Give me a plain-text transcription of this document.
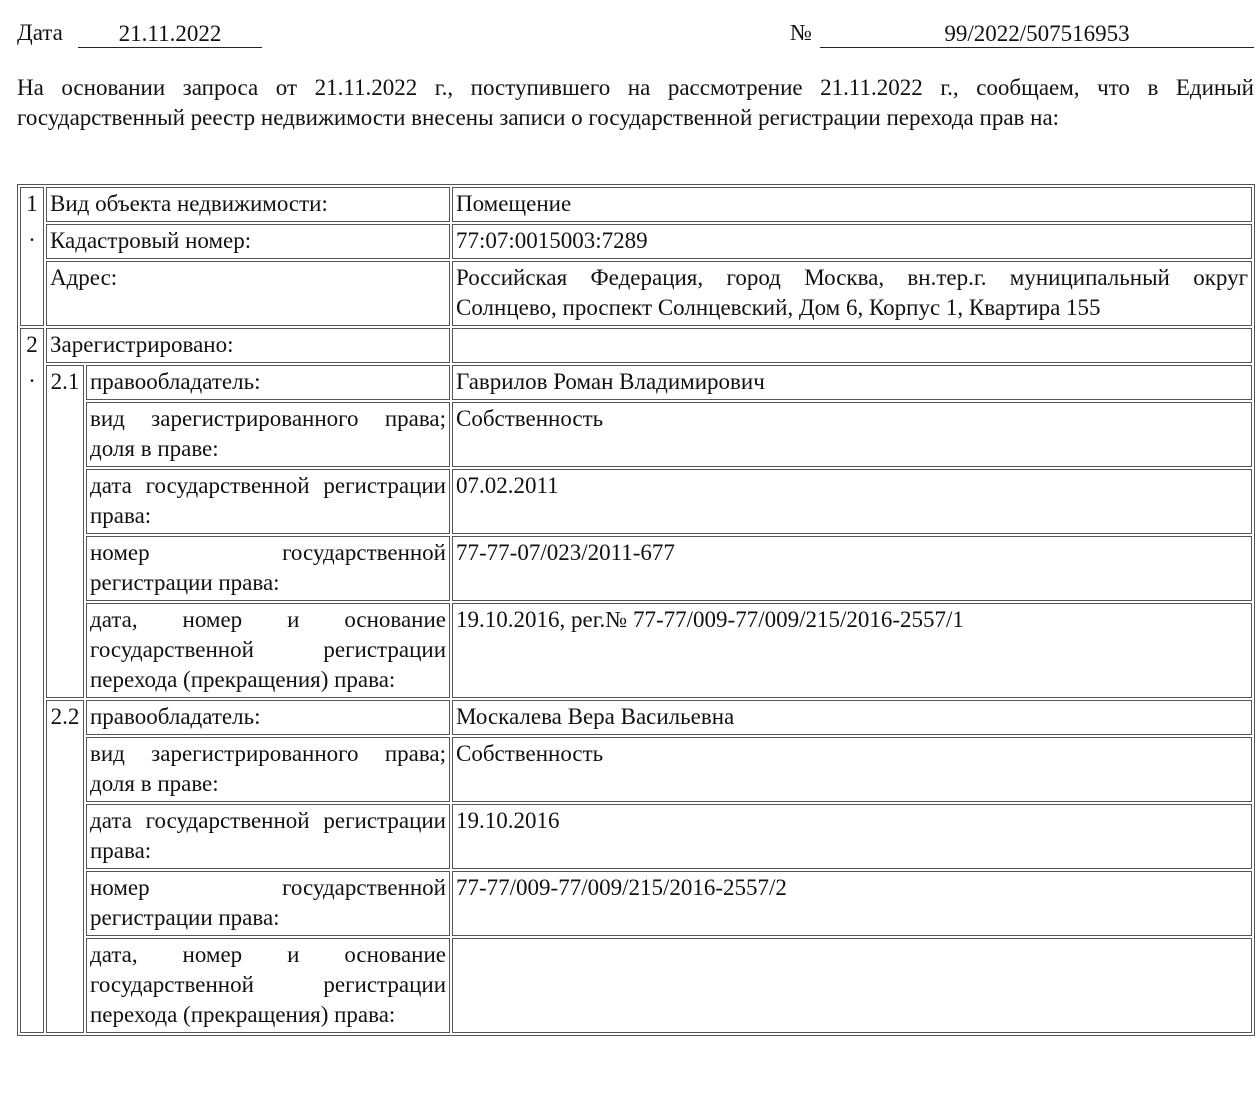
Дата	21.11.2022	№	99/2022/507516953

На основании запроса от 21.11.2022 г., поступившего на рассмотрение 21.11.2022 г., сообщаем, что в Единый государственный реестр недвижимости внесены записи о государственной регистрации перехода прав на:

1.	Вид объекта недвижимости:		Помещение
	Кадастровый номер:		77:07:0015003:7289
	Адрес:		Российская Федерация, город Москва, вн.тер.г. муниципальный округ Солнцево, проспект Солнцевский, Дом 6, Корпус 1, Квартира 155
2.	Зарегистрировано:		
	2.1	правообладатель:	Гаврилов Роман Владимирович
		вид зарегистрированного права; доля в праве:	Собственность
		дата государственной регистрации права:	07.02.2011
		номер государственной регистрации права:	77-77-07/023/2011-677
		дата, номер и основание государственной регистрации перехода (прекращения) права:	19.10.2016, рег.№ 77-77/009-77/009/215/2016-2557/1
	2.2	правообладатель:	Москалева Вера Васильевна
		вид зарегистрированного права; доля в праве:	Собственность
		дата государственной регистрации права:	19.10.2016
		номер государственной регистрации права:	77-77/009-77/009/215/2016-2557/2
		дата, номер и основание государственной регистрации перехода (прекращения) права:	
